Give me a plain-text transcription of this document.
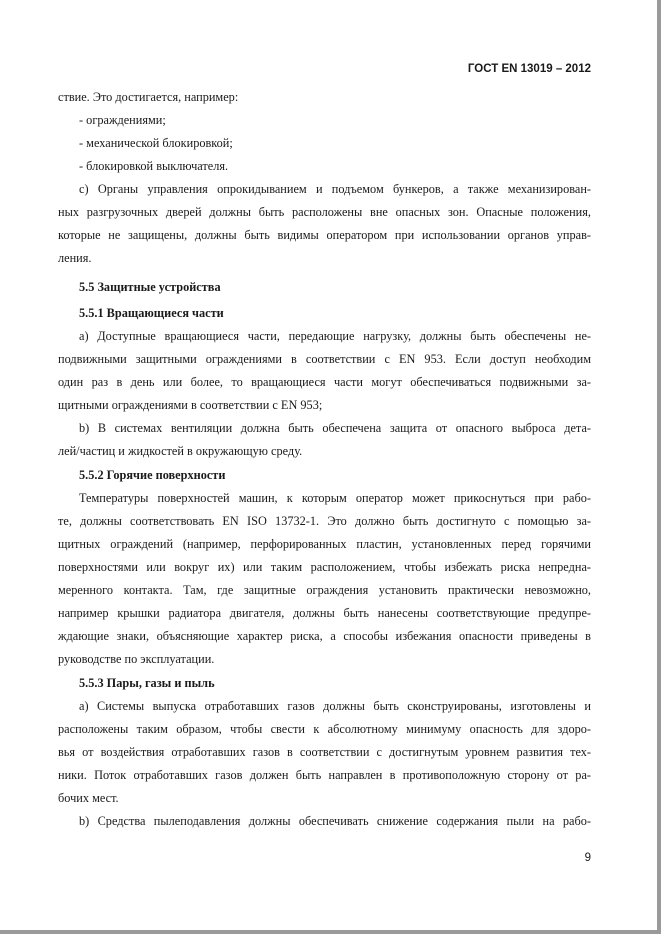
ГОСТ EN 13019 – 2012
ствие. Это достигается, например:
- ограждениями;
- механической блокировкой;
- блокировкой выключателя.
c) Органы управления опрокидыванием и подъемом бункеров, а также механизирован-
ных разгрузочных дверей должны быть расположены вне опасных зон. Опасные положения,
которые не защищены, должны быть видимы оператором при использовании органов управ-
ления.
5.5 Защитные устройства
5.5.1 Вращающиеся части
a) Доступные вращающиеся части, передающие нагрузку, должны быть обеспечены не-
подвижными защитными ограждениями в соответствии с EN 953. Если доступ необходим
один раз в день или более, то вращающиеся части могут обеспечиваться подвижными за-
щитными ограждениями в соответствии с EN 953;
b) В системах вентиляции должна быть обеспечена защита от опасного выброса дета-
лей/частиц и жидкостей в окружающую среду.
5.5.2 Горячие поверхности
Температуры поверхностей машин, к которым оператор может прикоснуться при рабо-
те, должны соответствовать EN ISO 13732-1. Это должно быть достигнуто с помощью за-
щитных ограждений (например, перфорированных пластин, установленных перед горячими
поверхностями или вокруг их) или таким расположением, чтобы избежать риска непредна-
меренного контакта. Там, где защитные ограждения установить практически невозможно,
например крышки радиатора двигателя, должны быть нанесены соответствующие предупре-
ждающие знаки, объясняющие характер риска, а способы избежания опасности приведены в
руководстве по эксплуатации.
5.5.3 Пары, газы и пыль
a) Системы выпуска отработавших газов должны быть сконструированы, изготовлены и
расположены таким образом, чтобы свести к абсолютному минимуму опасность для здоро-
вья от воздействия отработавших газов в соответствии с достигнутым уровнем развития тех-
ники. Поток отработавших газов должен быть направлен в противоположную сторону от ра-
бочих мест.
b) Средства пылеподавления должны обеспечивать снижение содержания пыли на рабо-
9
